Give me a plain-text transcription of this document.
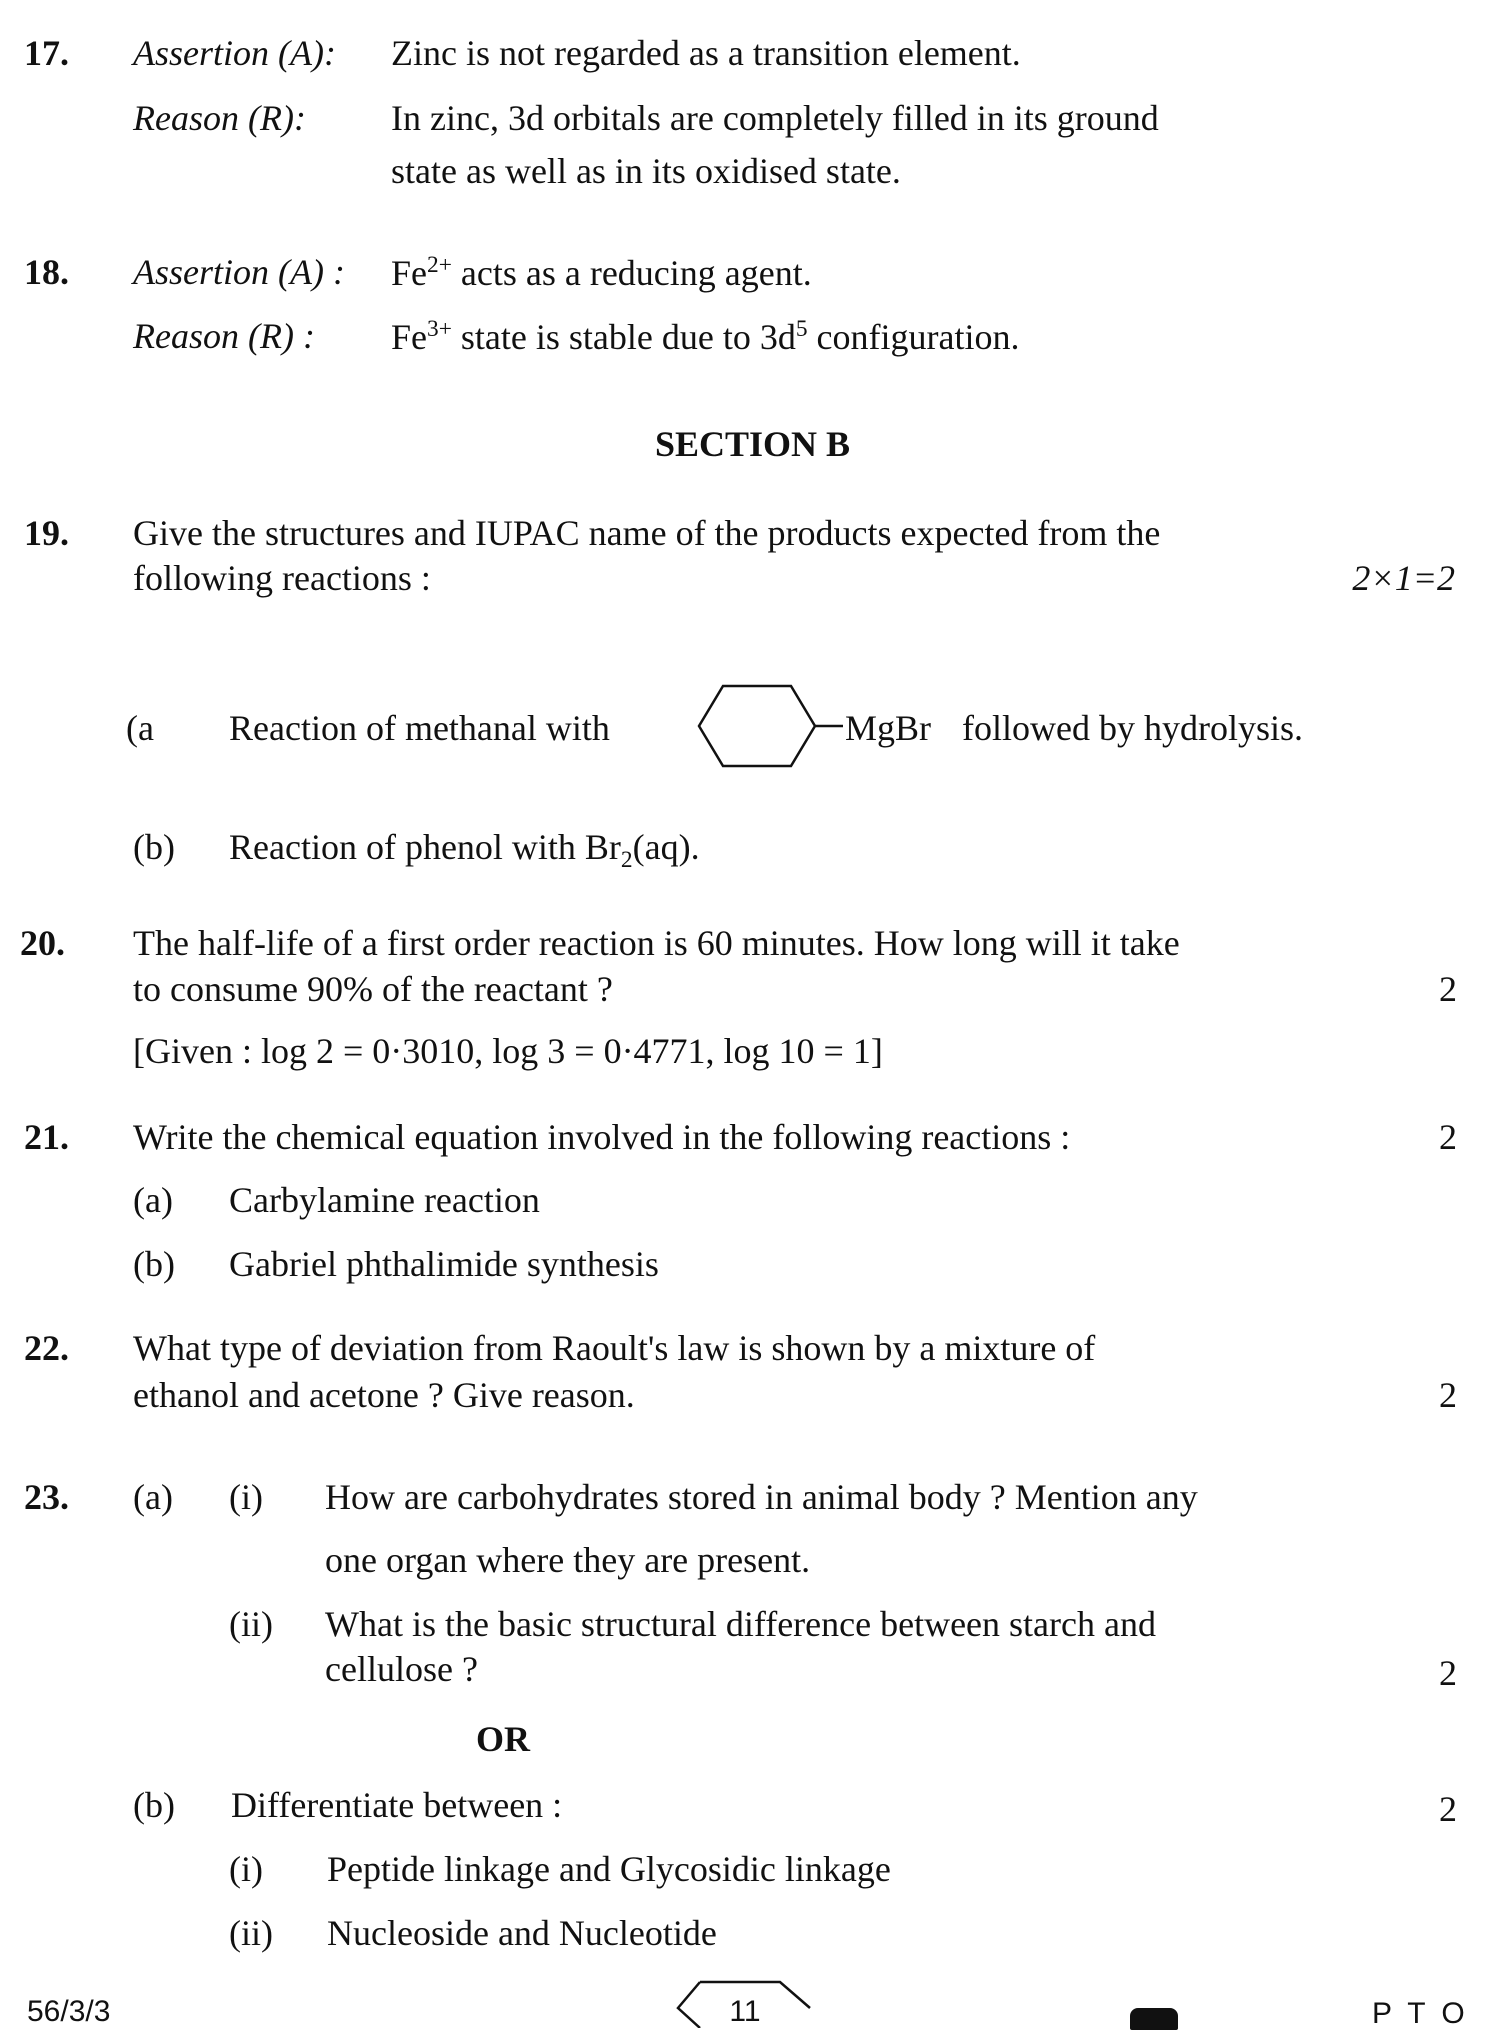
17. Assertion (A): Zinc is not regarded as a transition element.
Reason (R): In zinc, 3d orbitals are completely filled in its ground
state as well as in its oxidised state.
18. Assertion (A) : $Fe^{2+}$ acts as a reducing agent.
Reason (R) : $Fe^{3+}$ state is stable due to $3d^5$ configuration.
SECTION B
19. Give the structures and IUPAC name of the products expected from the
following reactions :	2×1=2
(a Reaction of methanal with	MgBr followed by hydrolysis.
(b) Reaction of phenol with $Br_2(aq)$.
20. The half-life of a first order reaction is 60 minutes. How long will it take
to consume 90% of the reactant ?	2
[Given : log 2 = 0·3010, log 3 = 0·4771, log 10 = 1]
21. Write the chemical equation involved in the following reactions :	2
(a) Carbylamine reaction
(b) Gabriel phthalimide synthesis
22. What type of deviation from Raoult's law is shown by a mixture of
ethanol and acetone ? Give reason.	2
23. (a) (i) How are carbohydrates stored in animal body ? Mention any
one organ where they are present.
(ii) What is the basic structural difference between starch and
cellulose ?	2
OR
(b) Differentiate between :	2
(i) Peptide linkage and Glycosidic linkage
(ii) Nucleoside and Nucleotide
56/3/3	11	P T O
